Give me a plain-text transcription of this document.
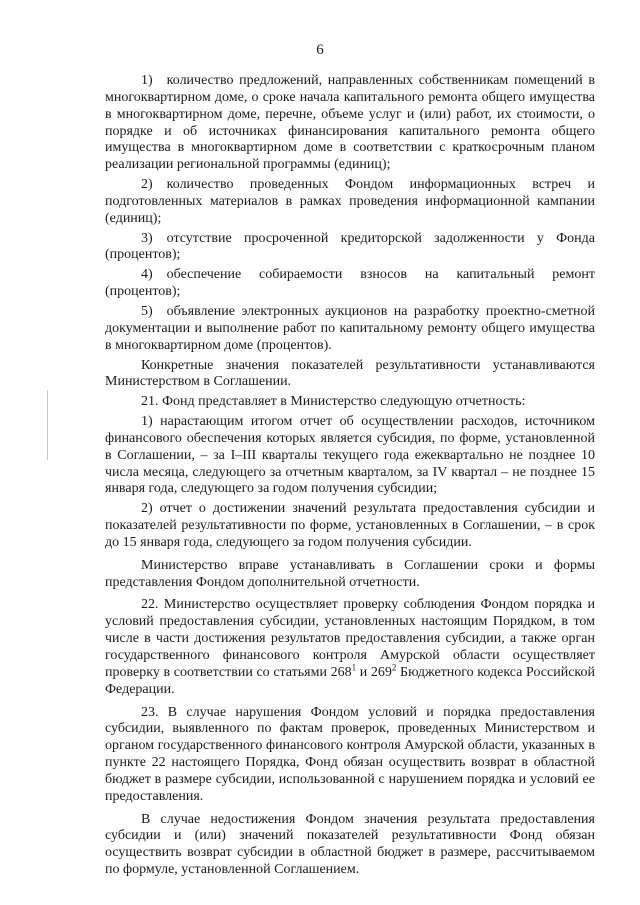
6

1) количество предложений, направленных собственникам помещений в многоквартирном доме, о сроке начала капитального ремонта общего имущества в многоквартирном доме, перечне, объеме услуг и (или) работ, их стоимости, о порядке и об источниках финансирования капитального ремонта общего имущества в многоквартирном доме в соответствии с краткосрочным планом реализации региональной программы (единиц);

2) количество проведенных Фондом информационных встреч и подготовленных материалов в рамках проведения информационной кампании (единиц);

3) отсутствие просроченной кредиторской задолженности у Фонда (процентов);

4) обеспечение собираемости взносов на капитальный ремонт (процентов);

5) объявление электронных аукционов на разработку проектно-сметной документации и выполнение работ по капитальному ремонту общего имущества в многоквартирном доме (процентов).

Конкретные значения показателей результативности устанавливаются Министерством в Соглашении.

21. Фонд представляет в Министерство следующую отчетность:

1) нарастающим итогом отчет об осуществлении расходов, источником финансового обеспечения которых является субсидия, по форме, установленной в Соглашении, – за I–III кварталы текущего года ежеквартально не позднее 10 числа месяца, следующего за отчетным кварталом, за IV квартал – не позднее 15 января года, следующего за годом получения субсидии;

2) отчет о достижении значений результата предоставления субсидии и показателей результативности по форме, установленных в Соглашении, – в срок до 15 января года, следующего за годом получения субсидии.

Министерство вправе устанавливать в Соглашении сроки и формы представления Фондом дополнительной отчетности.

22. Министерство осуществляет проверку соблюдения Фондом порядка и условий предоставления субсидии, установленных настоящим Порядком, в том числе в части достижения результатов предоставления субсидии, а также орган государственного финансового контроля Амурской области осуществляет проверку в соответствии со статьями $268^1$ и $269^2$ Бюджетного кодекса Российской Федерации.

23. В случае нарушения Фондом условий и порядка предоставления субсидии, выявленного по фактам проверок, проведенных Министерством и органом государственного финансового контроля Амурской области, указанных в пункте 22 настоящего Порядка, Фонд обязан осуществить возврат в областной бюджет в размере субсидии, использованной с нарушением порядка и условий ее предоставления.

В случае недостижения Фондом значения результата предоставления субсидии и (или) значений показателей результативности Фонд обязан осуществить возврат субсидии в областной бюджет в размере, рассчитываемом по формуле, установленной Соглашением.
